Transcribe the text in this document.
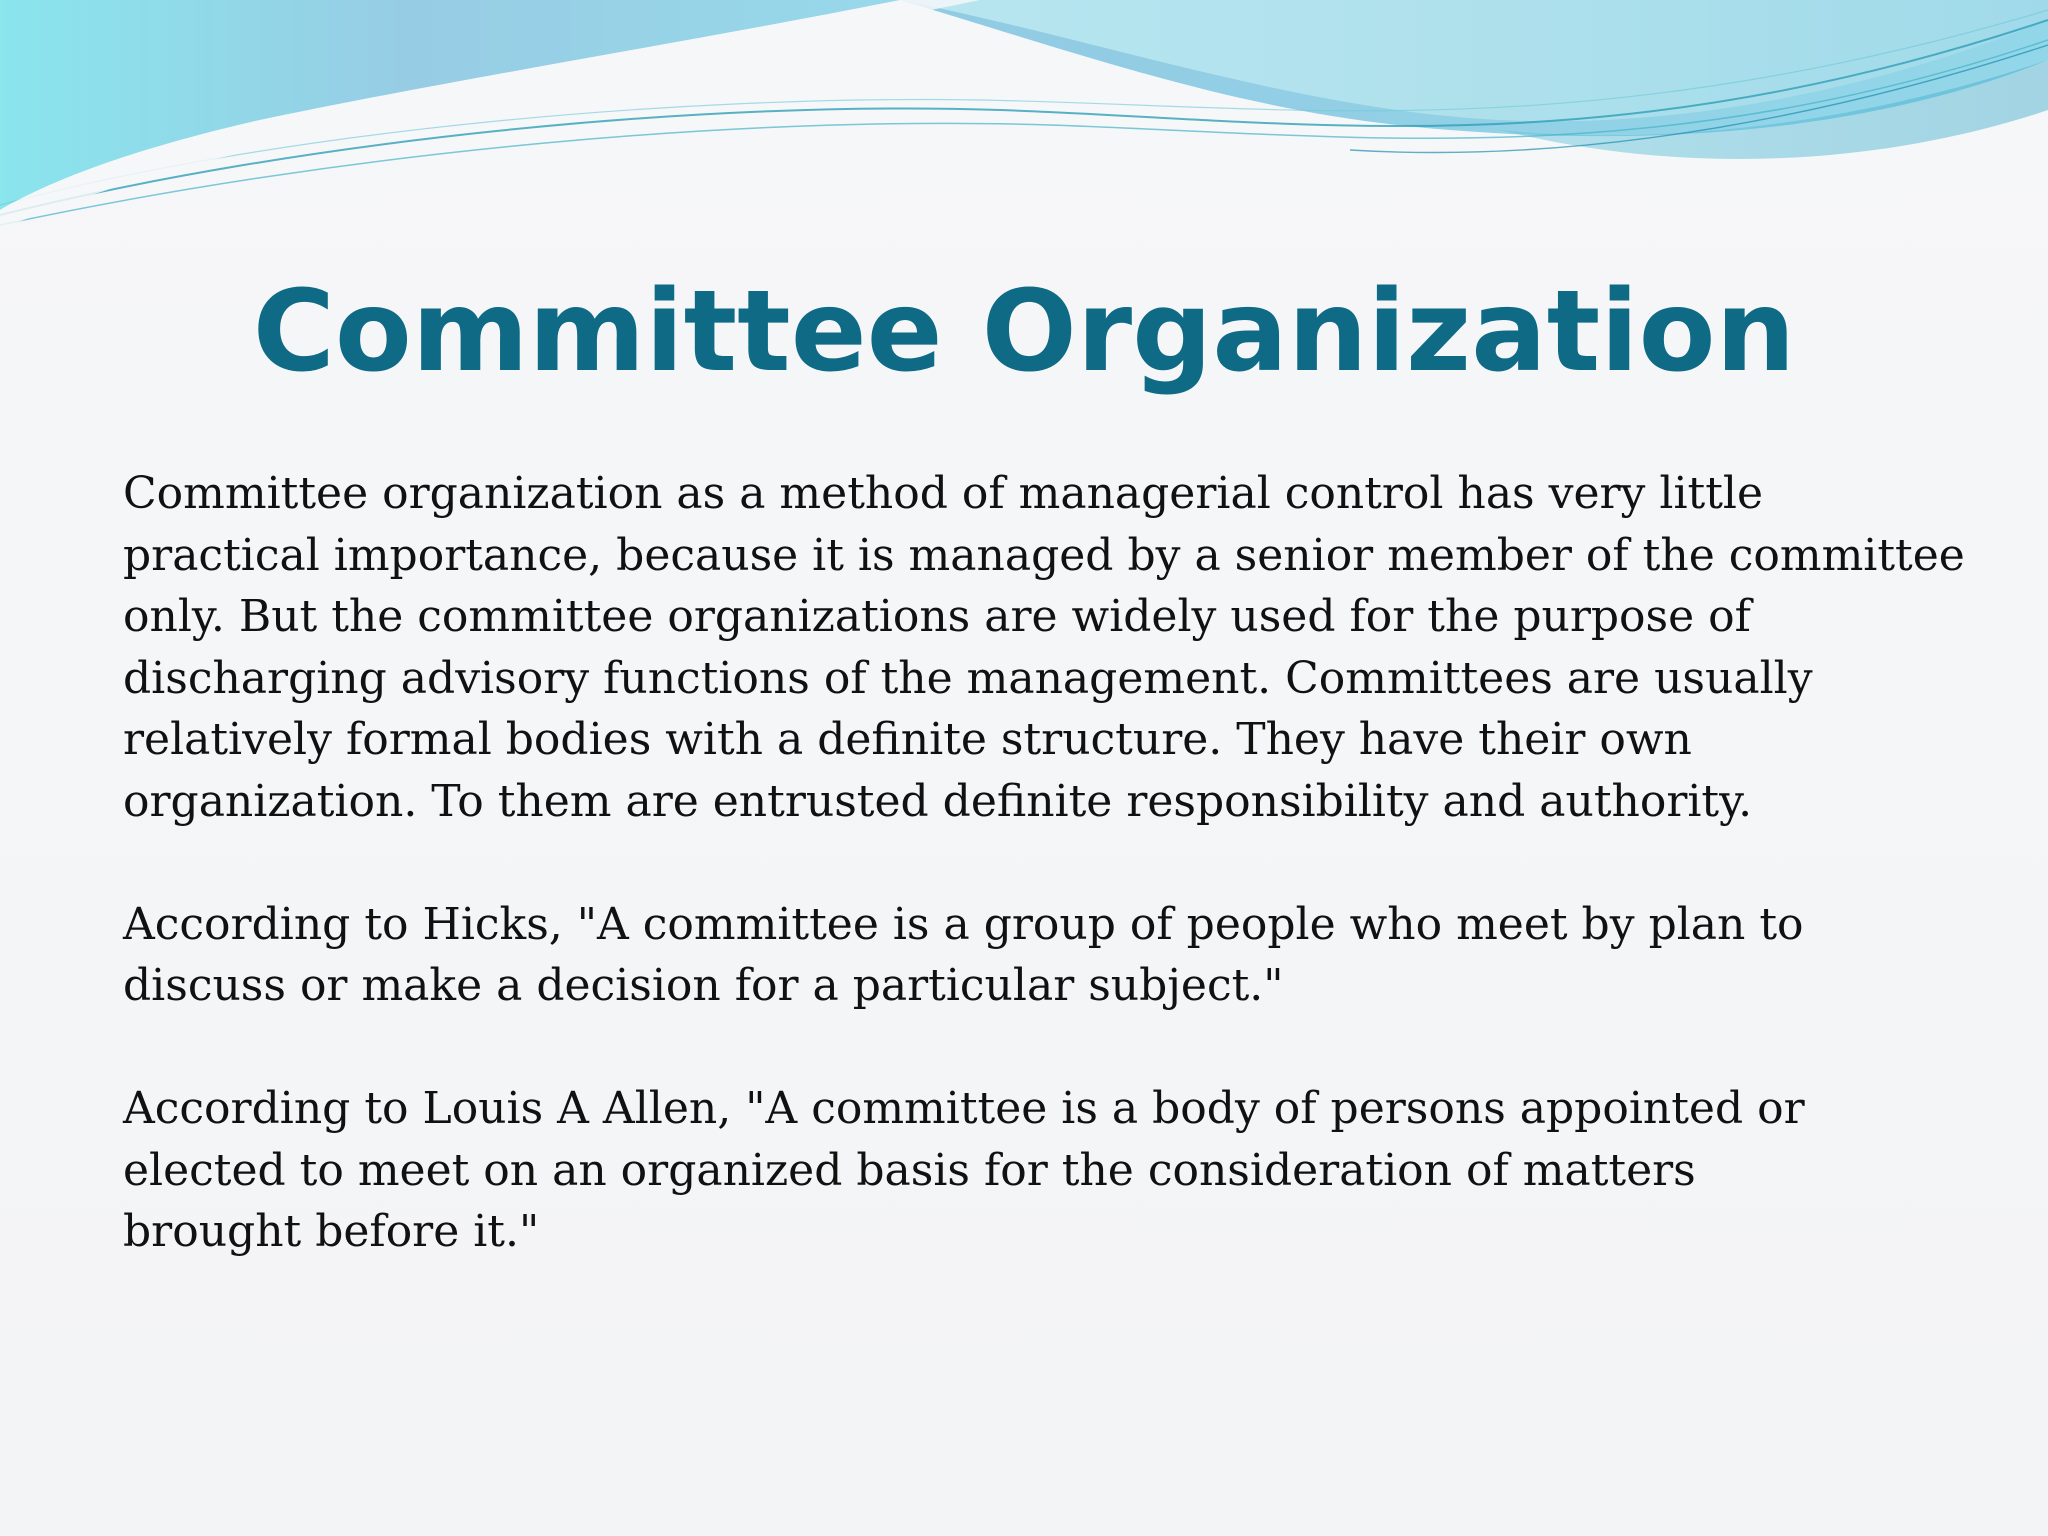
Committee Organization

Committee organization as a method of managerial control has very little
practical importance, because it is managed by a senior member of the committee
only. But the committee organizations are widely used for the purpose of
discharging advisory functions of the management. Committees are usually
relatively formal bodies with a definite structure. They have their own
organization. To them are entrusted definite responsibility and authority.

According to Hicks, "A committee is a group of people who meet by plan to
discuss or make a decision for a particular subject."

According to Louis A Allen, "A committee is a body of persons appointed or
elected to meet on an organized basis for the consideration of matters
brought before it."
